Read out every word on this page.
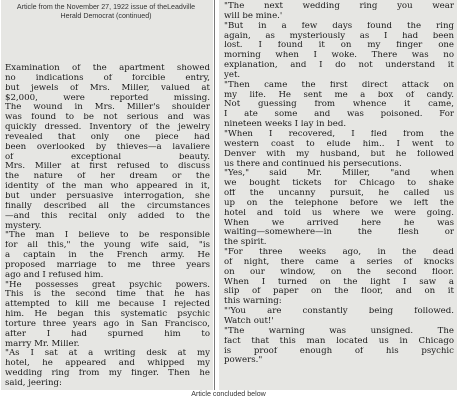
Examination of the apartment showed
no indications of forcible entry,
but jewels of Mrs. Miller, valued at
$2,000, were reported missing.
The wound in Mrs. Miller's shoulder
was found to be not serious and was
quickly dressed. Inventory of the jewelry
revealed that only one piece had
been overlooked by thieves—a lavaliere
of exceptional beauty.
Mrs. Miller at first refused to discuss
the nature of her dream or the
identity of the man who appeared in it,
but under persuasive interrogation, she
finally described all the circumstances
—and this recital only added to the
mystery.
"The man I believe to be responsible
for all this," the young wife said, "is
a captain in the French army. He
proposed marriage to me three years
ago and I refused him.
"He possesses great psychic powers.
This is the second time that he has
attempted to kill me because I rejected
him. He began this systematic psychic
torture three years ago in San Francisco,
after I had spurned him to
marry Mr. Miller.
"As I sat at a writing desk at my
hotel, he appeared and whipped my
wedding ring from my finger. Then he
said, jeering:
"The next wedding ring you wear
will be mine.'
"But in a few days found the ring
again, as mysteriously as I had been
lost. I found it on my finger one
morning when I woke. There was no
explanation, and I do not understand it
yet.
"Then came the first direct attack on
my life. He sent me a box of candy.
Not guessing from whence it came,
I ate some and was poisoned. For
nineteen weeks I lay in bed.
"When I recovered, I fled from the
western coast to elude him.. I went to
Denver with my husband, but he followed
us there and continued his persecutions.
"Yes," said Mr. Miller, "and when
we bought tickets for Chicago to shake
off the uncanny pursuit, he called us
up on the telephone before we left the
hotel and told us where we were going.
When we arrived here he was
waiting—somewhere—in the flesh or
the spirit.
"For three weeks ago, in the dead
of night, there came a series of knocks
on our window, on the second floor.
When I turned on the light I saw a
slip of paper on the floor, and on it
this warning:
"'You are constantly being followed.
Watch out!'
"The warning was unsigned. The
fact that this man located us in Chicago
is proof enough of his psychic
powers."
Article from the November 27, 1922 issue of theLeadville
Herald Democrat (continued)
Article concluded below
